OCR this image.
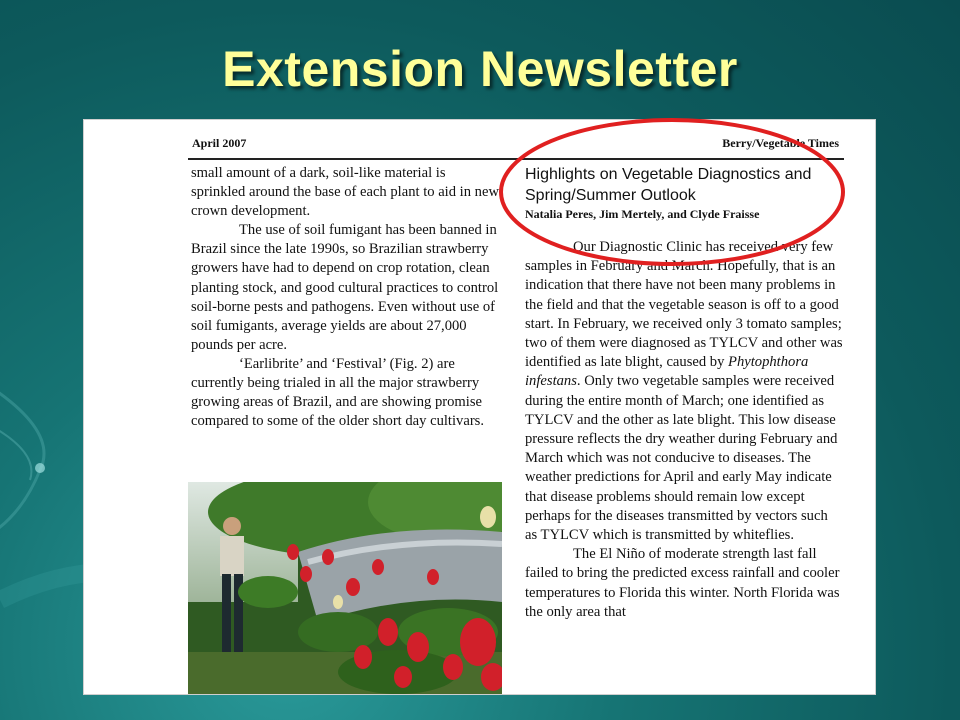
Extension Newsletter
April 2007	Berry/Vegetable Times

small amount of a dark, soil-like material is sprinkled around the base of each plant to aid in new crown development.

The use of soil fumigant has been banned in Brazil since the late 1990s, so Brazilian strawberry growers have had to depend on crop rotation, clean planting stock, and good cultural practices to control soil-borne pests and pathogens. Even without use of soil fumigants, average yields are about 27,000 pounds per acre.

‘Earlibrite’ and ‘Festival’ (Fig. 2) are currently being trialed in all the major strawberry growing areas of Brazil, and are showing promise compared to some of the older short day cultivars.

Highlights on Vegetable Diagnostics and Spring/Summer Outlook
Natalia Peres, Jim Mertely, and Clyde Fraisse

Our Diagnostic Clinic has received very few samples in February and March. Hopefully, that is an indication that there have not been many problems in the field and that the vegetable season is off to a good start. In February, we received only 3 tomato samples; two of them were diagnosed as TYLCV and other was identified as late blight, caused by Phytophthora infestans. Only two vegetable samples were received during the entire month of March; one identified as TYLCV and the other as late blight. This low disease pressure reflects the dry weather during February and March which was not conducive to diseases. The weather predictions for April and early May indicate that disease problems should remain low except perhaps for the diseases transmitted by vectors such as TYLCV which is transmitted by whiteflies.

The El Niño of moderate strength last fall failed to bring the predicted excess rainfall and cooler temperatures to Florida this winter. North Florida was the only area that
